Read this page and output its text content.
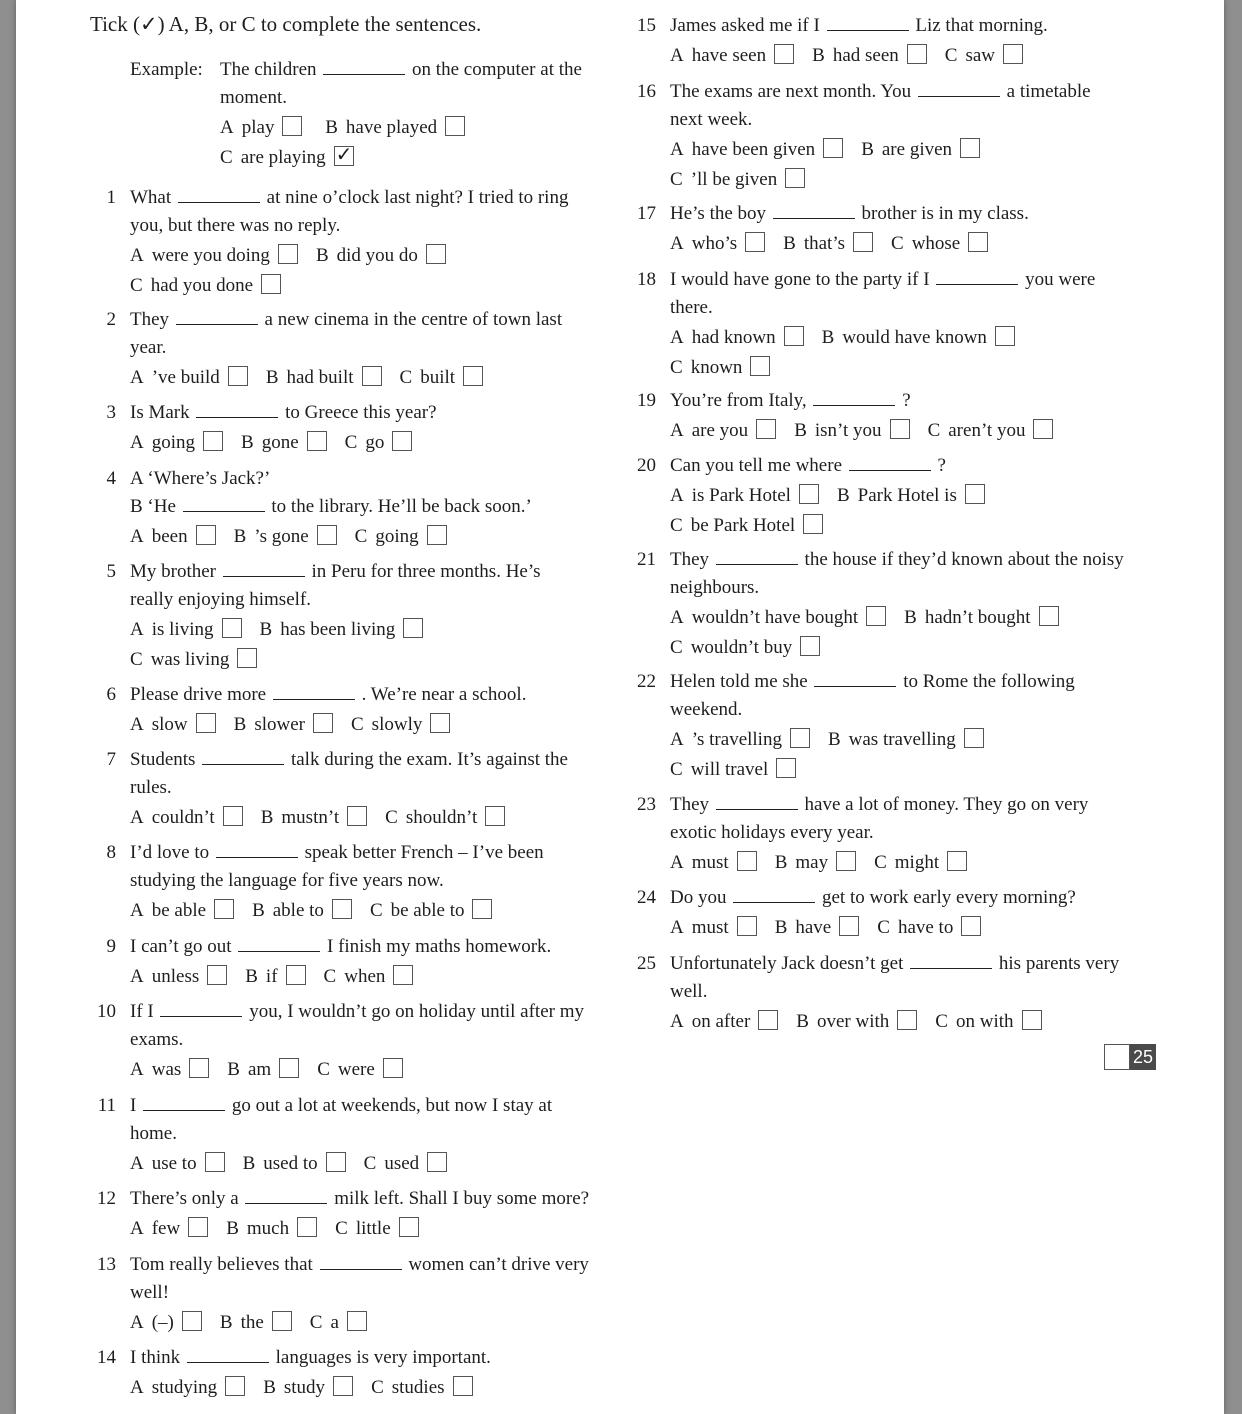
Tick (✓) A, B, or C to complete the sentences.
Example: The children	on the computer at the
moment.
A play	B have played
C are playing ✓
1 What	at nine o’clock last night? I tried to ring
you, but there was no reply.
A were you doing B did you do
C had you done
2 They	a new cinema in the centre of town last
year.
A ’ve build B had built C built
3 Is Mark	to Greece this year?
A going B gone C go
4 A ‘Where’s Jack?’
B ‘He	to the library. He’ll be back soon.’
A been B ’s gone C going
5 My brother	in Peru for three months. He’s
really enjoying himself.
A is living B has been living
C was living
6 Please drive more	. We’re near a school.
A slow B slower C slowly
7 Students	talk during the exam. It’s against the
rules.
A couldn’t B mustn’t C shouldn’t
8 I’d love to	speak better French – I’ve been
studying the language for five years now.
A be able B able to C be able to
9 I can’t go out	I finish my maths homework.
A unless B if C when
10 If I	you, I wouldn’t go on holiday until after my
exams.
A was B am C were
11 I	go out a lot at weekends, but now I stay at
home.
A use to B used to C used
12 There’s only a	milk left. Shall I buy some more?
A few B much C little
13 Tom really believes that	women can’t drive very
well!
A (–) B the C a
14 I think	languages is very important.
A studying B study C studies
15 James asked me if I	Liz that morning.
A have seen B had seen C saw
16 The exams are next month. You	a timetable
next week.
A have been given B are given
C ’ll be given
17 He’s the boy	brother is in my class.
A who’s B that’s C whose
18 I would have gone to the party if I	you were
there.
A had known B would have known
C known
19 You’re from Italy,	?
A are you B isn’t you C aren’t you
20 Can you tell me where	?
A is Park Hotel B Park Hotel is
C be Park Hotel
21 They	the house if they’d known about the noisy
neighbours.
A wouldn’t have bought B hadn’t bought
C wouldn’t buy
22 Helen told me she	to Rome the following
weekend.
A ’s travelling B was travelling
C will travel
23 They	have a lot of money. They go on very
exotic holidays every year.
A must B may C might
24 Do you	get to work early every morning?
A must B have C have to
25 Unfortunately Jack doesn’t get	his parents very
well.
A on after B over with C on with
25
